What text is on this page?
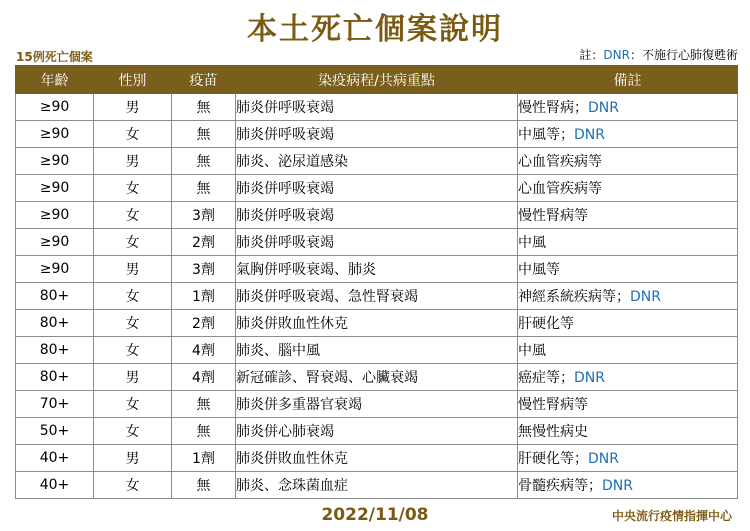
本土死亡個案說明
15例死亡個案	註：DNR：不施行心肺復甦術
年齡	性別	疫苗	染疫病程/共病重點	備註
≥90	男	無	肺炎併呼吸衰竭	慢性腎病；DNR
≥90	女	無	肺炎併呼吸衰竭	中風等；DNR
≥90	男	無	肺炎、泌尿道感染	心血管疾病等
≥90	女	無	肺炎併呼吸衰竭	心血管疾病等
≥90	女	3劑	肺炎併呼吸衰竭	慢性腎病等
≥90	女	2劑	肺炎併呼吸衰竭	中風
≥90	男	3劑	氣胸併呼吸衰竭、肺炎	中風等
80+	女	1劑	肺炎併呼吸衰竭、急性腎衰竭	神經系統疾病等；DNR
80+	女	2劑	肺炎併敗血性休克	肝硬化等
80+	女	4劑	肺炎、腦中風	中風
80+	男	4劑	新冠確診、腎衰竭、心臟衰竭	癌症等；DNR
70+	女	無	肺炎併多重器官衰竭	慢性腎病等
50+	女	無	肺炎併心肺衰竭	無慢性病史
40+	男	1劑	肺炎併敗血性休克	肝硬化等；DNR
40+	女	無	肺炎、念珠菌血症	骨髓疾病等；DNR
2022/11/08	中央流行疫情指揮中心
